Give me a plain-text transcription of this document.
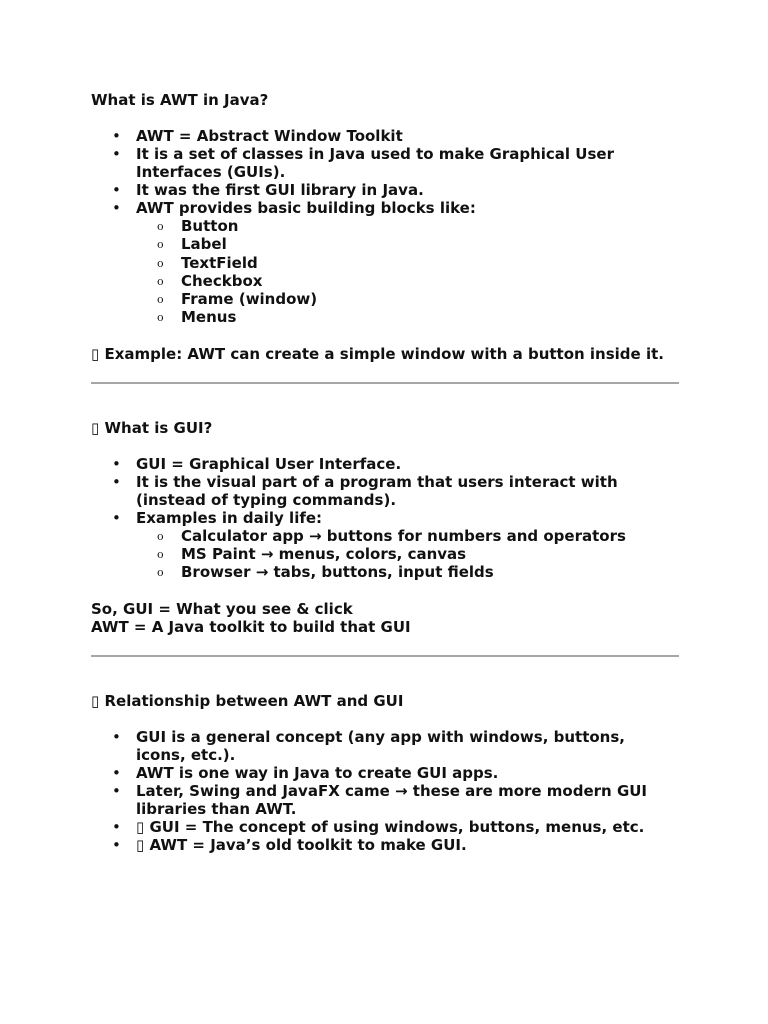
What is AWT in Java?

• AWT = Abstract Window Toolkit
• It is a set of classes in Java used to make Graphical User Interfaces (GUIs).
• It was the first GUI library in Java.
• AWT provides basic building blocks like:
o Button
o Label
o TextField
o Checkbox
o Frame (window)
o Menus

▯ Example: AWT can create a simple window with a button inside it.

▯ What is GUI?

• GUI = Graphical User Interface.
• It is the visual part of a program that users interact with (instead of typing commands).
• Examples in daily life:
o Calculator app → buttons for numbers and operators
o MS Paint → menus, colors, canvas
o Browser → tabs, buttons, input fields

So, GUI = What you see & click

AWT = A Java toolkit to build that GUI

▯ Relationship between AWT and GUI

• GUI is a general concept (any app with windows, buttons, icons, etc.).
• AWT is one way in Java to create GUI apps.
• Later, Swing and JavaFX came → these are more modern GUI libraries than AWT.
• ▯ GUI = The concept of using windows, buttons, menus, etc.
• ▯ AWT = Java’s old toolkit to make GUI.
